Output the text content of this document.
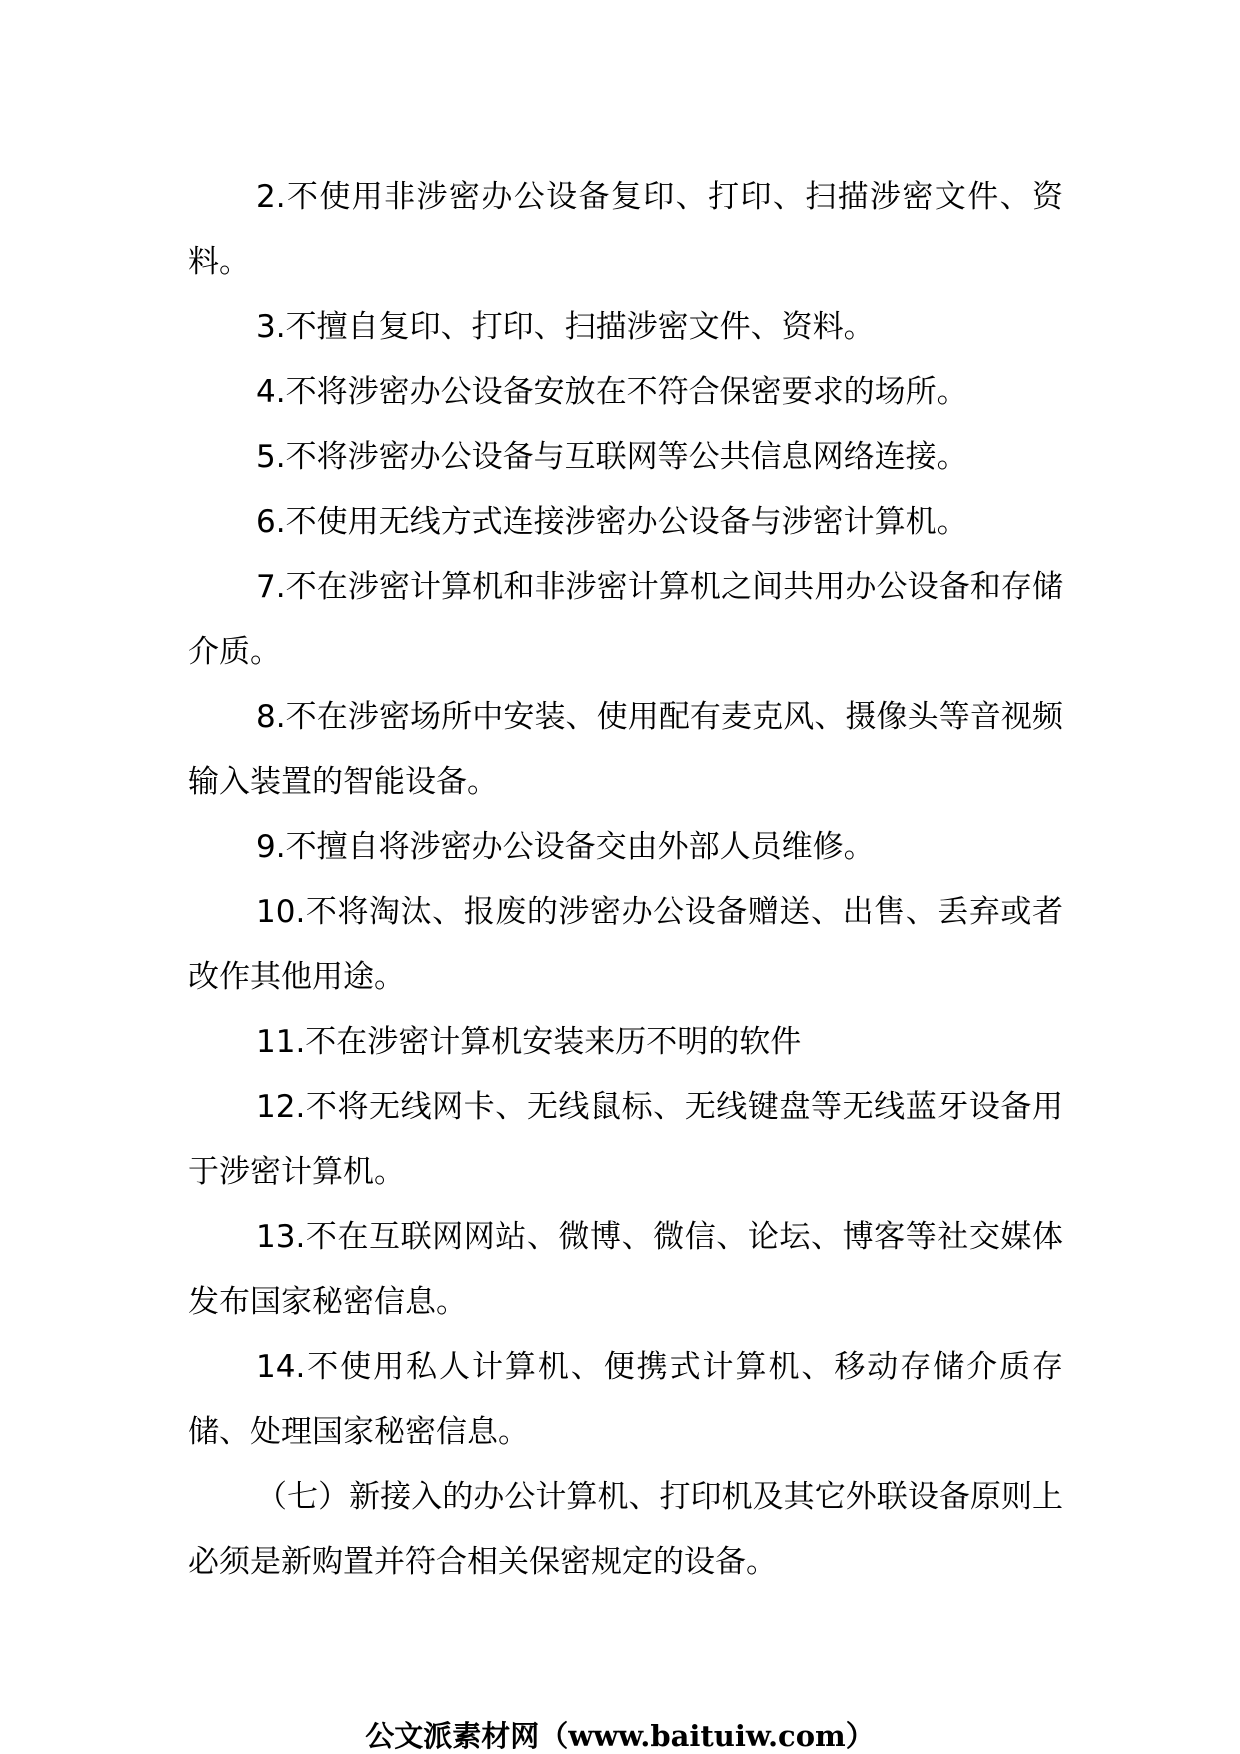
2.不使用非涉密办公设备复印、打印、扫描涉密文件、资料。

3.不擅自复印、打印、扫描涉密文件、资料。

4.不将涉密办公设备安放在不符合保密要求的场所。

5.不将涉密办公设备与互联网等公共信息网络连接。

6.不使用无线方式连接涉密办公设备与涉密计算机。

7.不在涉密计算机和非涉密计算机之间共用办公设备和存储介质。

8.不在涉密场所中安装、使用配有麦克风、摄像头等音视频输入装置的智能设备。

9.不擅自将涉密办公设备交由外部人员维修。

10.不将淘汰、报废的涉密办公设备赠送、出售、丢弃或者改作其他用途。

11.不在涉密计算机安装来历不明的软件

12.不将无线网卡、无线鼠标、无线键盘等无线蓝牙设备用于涉密计算机。

13.不在互联网网站、微博、微信、论坛、博客等社交媒体发布国家秘密信息。

14.不使用私人计算机、便携式计算机、移动存储介质存储、处理国家秘密信息。

（七）新接入的办公计算机、打印机及其它外联设备原则上必须是新购置并符合相关保密规定的设备。

公文派素材网（www.baituiw.com）
